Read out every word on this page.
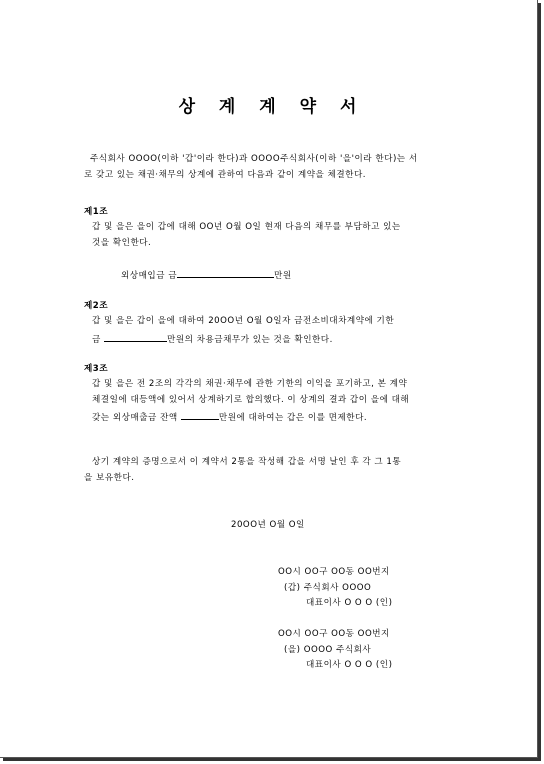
상 계 계 약 서

주식회사 OOOO(이하 '갑'이라 한다)과 OOOO주식회사(이하 '을'이라 한다)는 서

로 갖고 있는 채권·채무의 상계에 관하여 다음과 같이 계약을 체결한다.

제1조

갑 및 을은 을이 갑에 대해 OO년 O월 O일 현재 다음의 채무를 부담하고 있는

것을 확인한다.

외상매입금 금	만원

제2조

갑 및 을은 갑이 을에 대하여 20OO년 O월 O일자 금전소비대차계약에 기한

금	만원의 차용금채무가 있는 것을 확인한다.

제3조

갑 및 을은 전 2조의 각각의 채권·채무에 관한 기한의 이익을 포기하고, 본 계약

체결일에 대등액에 있어서 상계하기로 합의했다. 이 상계의 결과 갑이 을에 대해

갖는 외상매출금 잔액	만원에 대하여는 갑은 이를 면제한다.

상기 계약의 증명으로서 이 계약서 2통을 작성해 갑을 서명 날인 후 각 그 1통

을 보유한다.

20OO년 O월 O일

OO시 OO구 OO동 OO번지

(갑) 주식회사 OOOO

대표이사 O O O (인)

OO시 OO구 OO동 OO번지

(을) OOOO 주식회사

대표이사 O O O (인)
